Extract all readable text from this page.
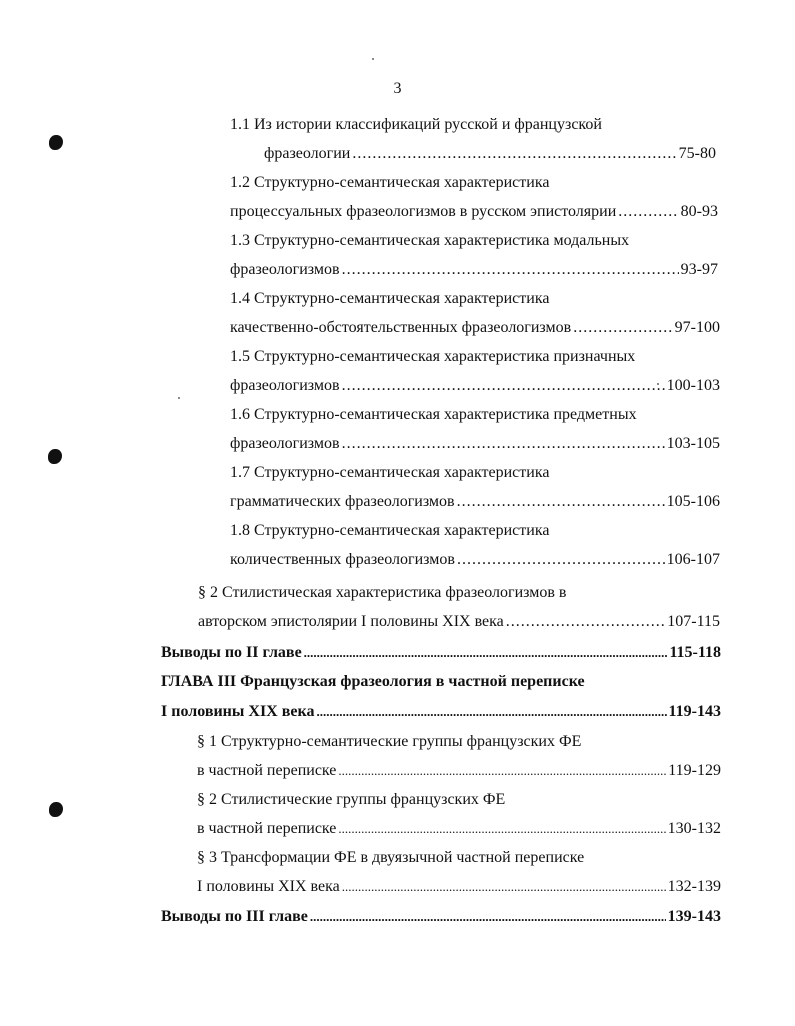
3
1.1 Из истории классификаций русской и французской
фразеологии .....	75-80
1.2 Структурно-семантическая характеристика
процессуальных фразеологизмов в русском эпистолярии .....	80-93
1.3 Структурно-семантическая характеристика модальных
фразеологизмов .....	93-97
1.4 Структурно-семантическая характеристика
качественно-обстоятельственных фразеологизмов .....	97-100
1.5 Структурно-семантическая характеристика призначных
фразеологизмов .....	100-103
1.6 Структурно-семантическая характеристика предметных
фразеологизмов .....	103-105
1.7 Структурно-семантическая характеристика
грамматических фразеологизмов .....	105-106
1.8 Структурно-семантическая характеристика
количественных фразеологизмов .....	106-107
§ 2 Стилистическая характеристика фразеологизмов в
авторском эпистолярии I половины XIX века .....	107-115
Выводы по II главе .....	115-118
ГЛАВА III Французская фразеология в частной переписке
I половины XIX века .....	119-143
§ 1 Структурно-семантические группы французских ФЕ
в частной переписке .....	119-129
§ 2 Стилистические группы французских ФЕ
в частной переписке .....	130-132
§ 3 Трансформации ФЕ в двуязычной частной переписке
I половины XIX века .....	132-139
Выводы по III главе .....	139-143
